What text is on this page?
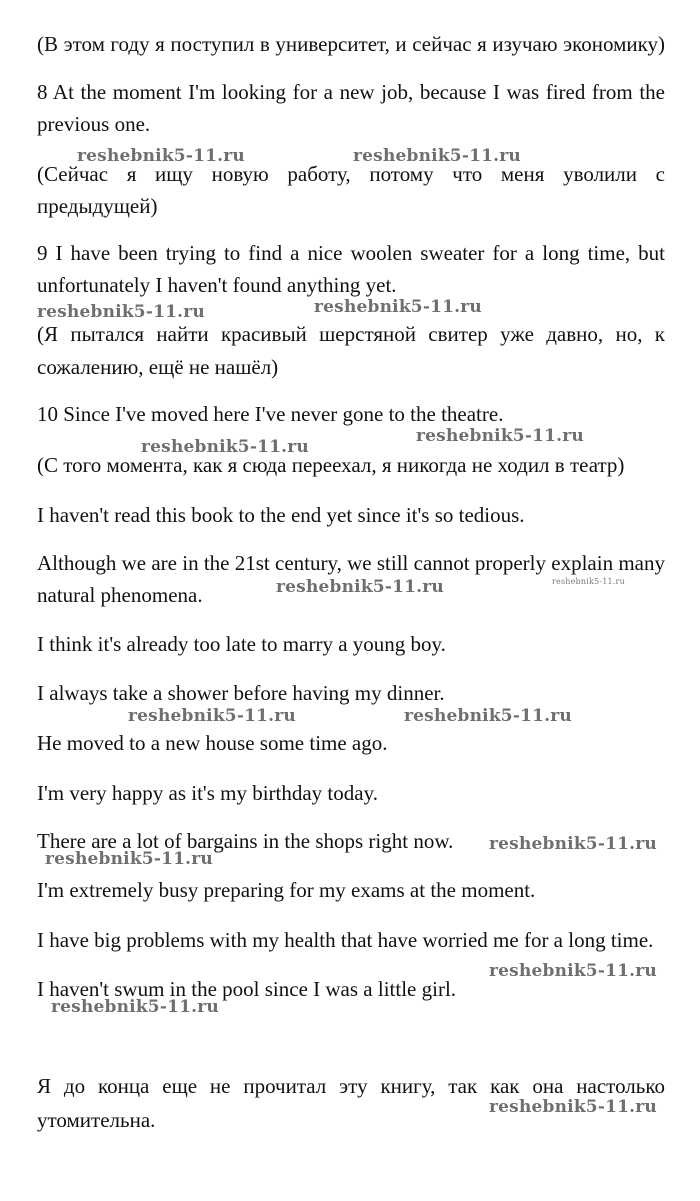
(В этом году я поступил в университет, и сейчас я изучаю экономику)
8 At the moment I'm looking for a new job, because I was fired from the
previous one.
(Сейчас я ищу новую работу, потому что меня уволили с
предыдущей)
9 I have been trying to find a nice woolen sweater for a long time, but
unfortunately I haven't found anything yet.
(Я пытался найти красивый шерстяной свитер уже давно, но, к
сожалению, ещё не нашёл)
10 Since I've moved here I've never gone to the theatre.
(С того момента, как я сюда переехал, я никогда не ходил в театр)
I haven't read this book to the end yet since it's so tedious.
Although we are in the 21st century, we still cannot properly explain many
natural phenomena.
I think it's already too late to marry a young boy.
I always take a shower before having my dinner.
He moved to a new house some time ago.
I'm very happy as it's my birthday today.
There are a lot of bargains in the shops right now.
I'm extremely busy preparing for my exams at the moment.
I have big problems with my health that have worried me for a long time.
I haven't swum in the pool since I was a little girl.
Я до конца еще не прочитал эту книгу, так как она настолько
утомительна.
reshebnik5-11.ru	reshebnik5-11.ru
reshebnik5-11.ru	reshebnik5-11.ru
reshebnik5-11.ru
reshebnik5-11.ru
reshebnik5-11.ru	reshebnik5-11.ru
reshebnik5-11.ru	reshebnik5-11.ru
reshebnik5-11.ru
reshebnik5-11.ru
reshebnik5-11.ru
reshebnik5-11.ru
reshebnik5-11.ru
